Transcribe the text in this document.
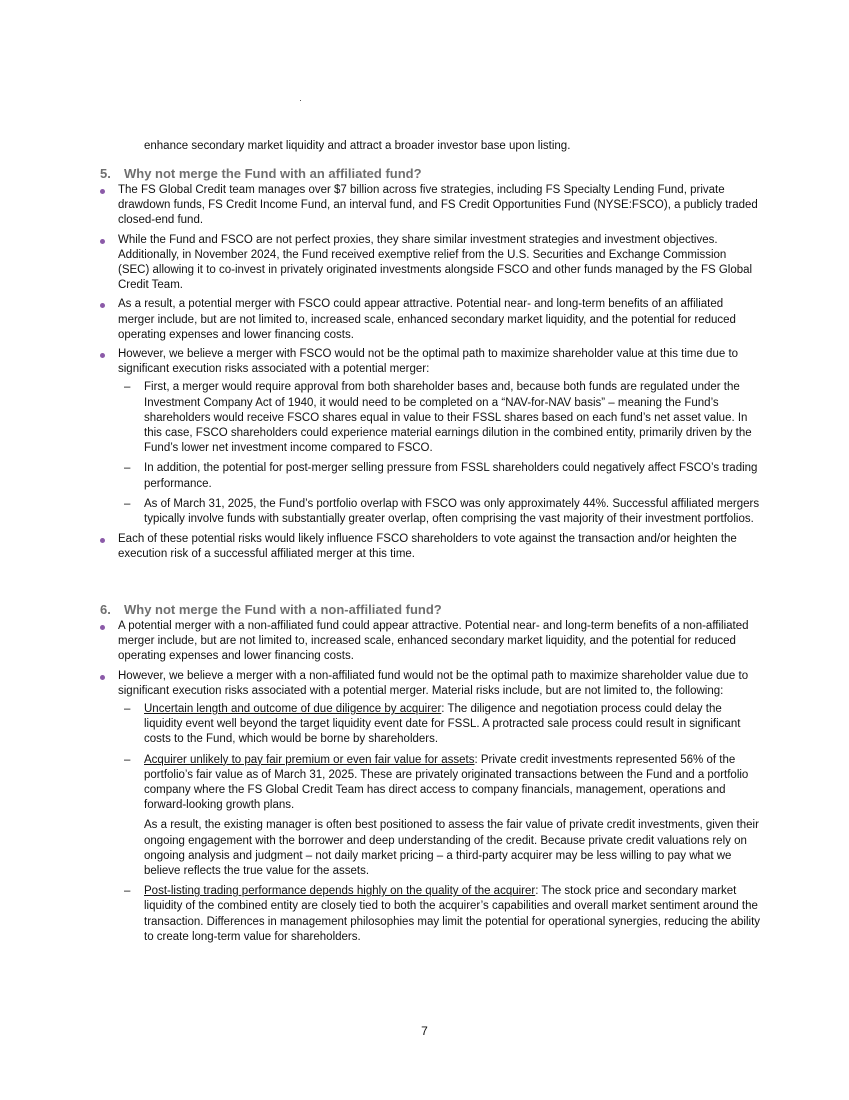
enhance secondary market liquidity and attract a broader investor base upon listing.
5. Why not merge the Fund with an affiliated fund?
The FS Global Credit team manages over $7 billion across five strategies, including FS Specialty Lending Fund, private drawdown funds, FS Credit Income Fund, an interval fund, and FS Credit Opportunities Fund (NYSE:FSCO), a publicly traded closed-end fund.
While the Fund and FSCO are not perfect proxies, they share similar investment strategies and investment objectives. Additionally, in November 2024, the Fund received exemptive relief from the U.S. Securities and Exchange Commission (SEC) allowing it to co-invest in privately originated investments alongside FSCO and other funds managed by the FS Global Credit Team.
As a result, a potential merger with FSCO could appear attractive. Potential near- and long-term benefits of an affiliated merger include, but are not limited to, increased scale, enhanced secondary market liquidity, and the potential for reduced operating expenses and lower financing costs.
However, we believe a merger with FSCO would not be the optimal path to maximize shareholder value at this time due to significant execution risks associated with a potential merger:
– First, a merger would require approval from both shareholder bases and, because both funds are regulated under the Investment Company Act of 1940, it would need to be completed on a “NAV-for-NAV basis” – meaning the Fund’s shareholders would receive FSCO shares equal in value to their FSSL shares based on each fund’s net asset value. In this case, FSCO shareholders could experience material earnings dilution in the combined entity, primarily driven by the Fund’s lower net investment income compared to FSCO.
– In addition, the potential for post-merger selling pressure from FSSL shareholders could negatively affect FSCO’s trading performance.
– As of March 31, 2025, the Fund’s portfolio overlap with FSCO was only approximately 44%. Successful affiliated mergers typically involve funds with substantially greater overlap, often comprising the vast majority of their investment portfolios.
Each of these potential risks would likely influence FSCO shareholders to vote against the transaction and/or heighten the execution risk of a successful affiliated merger at this time.
6. Why not merge the Fund with a non-affiliated fund?
A potential merger with a non-affiliated fund could appear attractive. Potential near- and long-term benefits of a non-affiliated merger include, but are not limited to, increased scale, enhanced secondary market liquidity, and the potential for reduced operating expenses and lower financing costs.
However, we believe a merger with a non-affiliated fund would not be the optimal path to maximize shareholder value due to significant execution risks associated with a potential merger. Material risks include, but are not limited to, the following:
– Uncertain length and outcome of due diligence by acquirer: The diligence and negotiation process could delay the liquidity event well beyond the target liquidity event date for FSSL. A protracted sale process could result in significant costs to the Fund, which would be borne by shareholders.
– Acquirer unlikely to pay fair premium or even fair value for assets: Private credit investments represented 56% of the portfolio’s fair value as of March 31, 2025. These are privately originated transactions between the Fund and a portfolio company where the FS Global Credit Team has direct access to company financials, management, operations and forward-looking growth plans.
As a result, the existing manager is often best positioned to assess the fair value of private credit investments, given their ongoing engagement with the borrower and deep understanding of the credit. Because private credit valuations rely on ongoing analysis and judgment – not daily market pricing – a third-party acquirer may be less willing to pay what we believe reflects the true value for the assets.
– Post-listing trading performance depends highly on the quality of the acquirer: The stock price and secondary market liquidity of the combined entity are closely tied to both the acquirer’s capabilities and overall market sentiment around the transaction. Differences in management philosophies may limit the potential for operational synergies, reducing the ability to create long-term value for shareholders.
7
